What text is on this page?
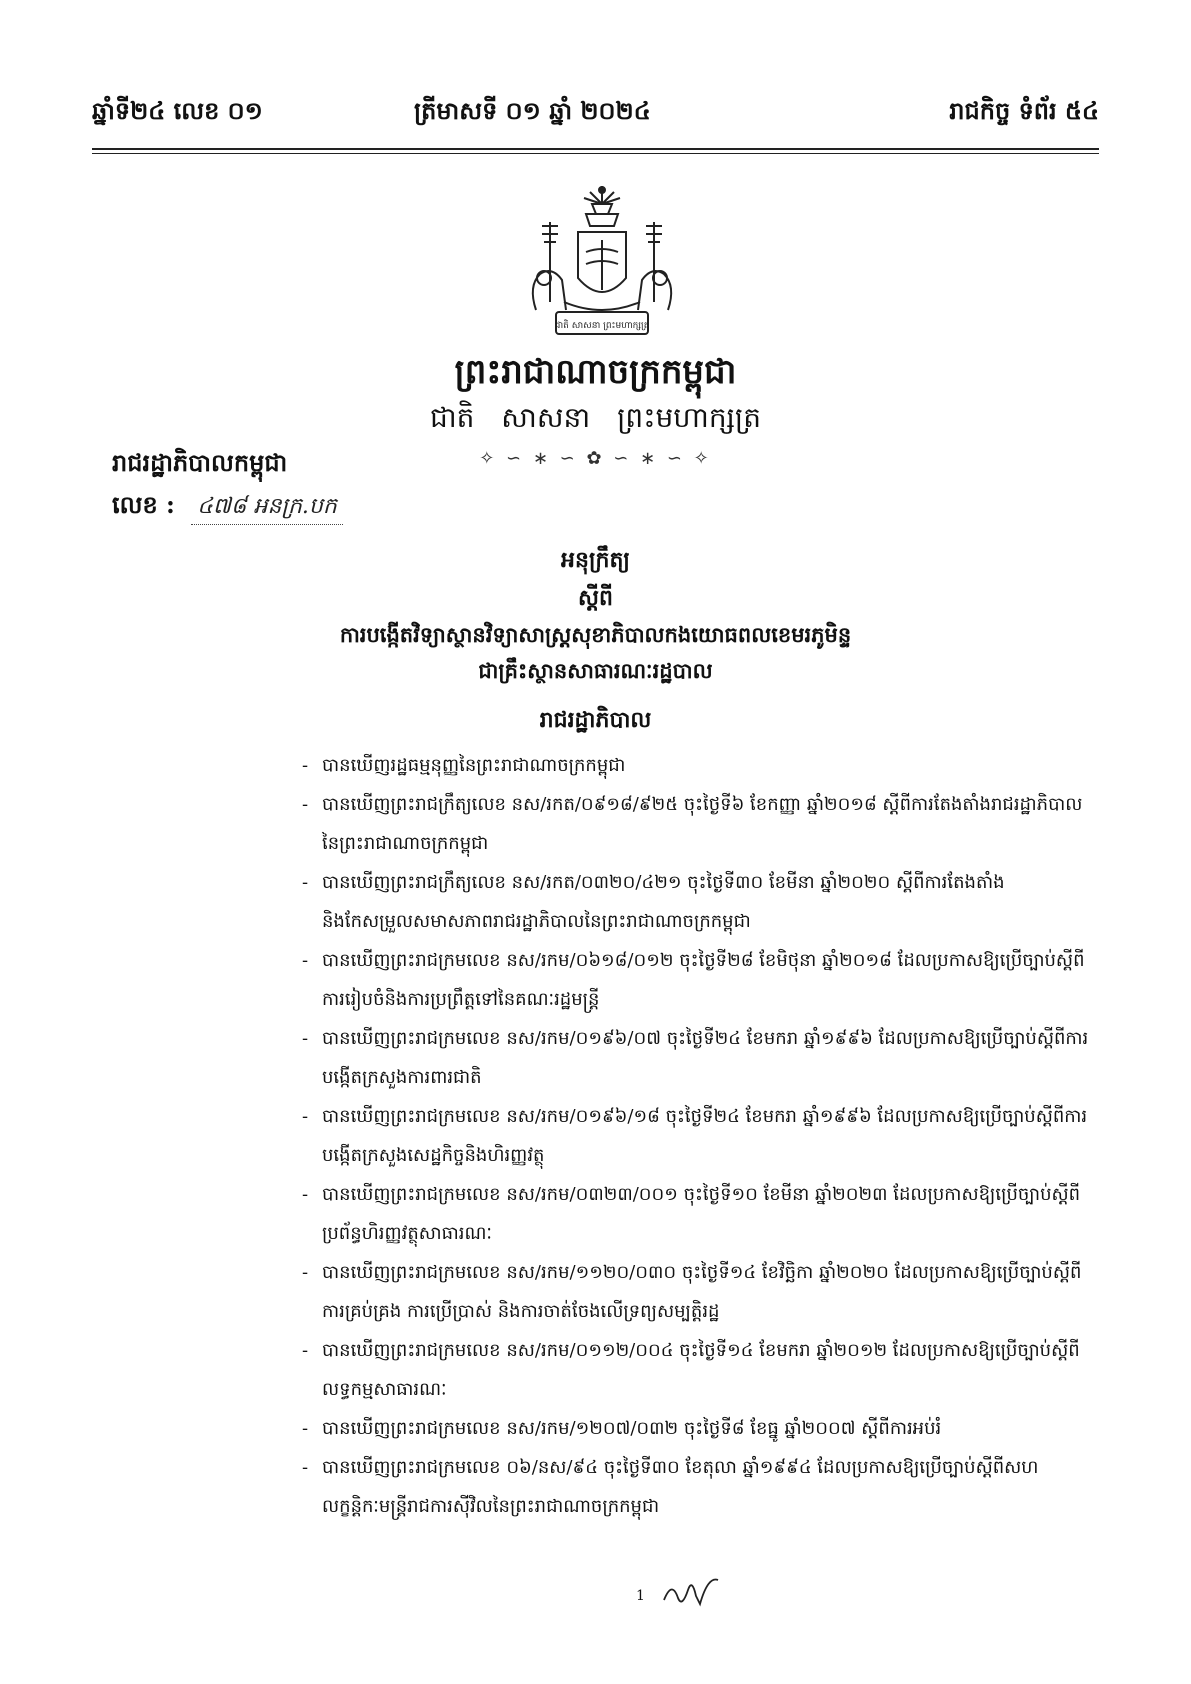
ឆ្នាំទី២៤ លេខ ០១	ត្រីមាសទី ០១ ឆ្នាំ ២០២៤	រាជកិច្ច ទំព័រ ៥៤
ជាតិ សាសនា ព្រះមហាក្សត្រ
ព្រះរាជាណាចក្រកម្ពុជា
ជាតិ សាសនា ព្រះមហាក្សត្រ
✧ ∽ ∗ ∽ ✿ ∽ ∗ ∽ ✧
រាជរដ្ឋាភិបាលកម្ពុជា
លេខ : ៤៧៨ អនក្រ.បក
អនុក្រឹត្យ
ស្តីពី
ការបង្កើតវិទ្យាស្ថានវិទ្យាសាស្ត្រសុខាភិបាលកងយោធពលខេមរភូមិន្ទ
ជាគ្រឹះស្ថានសាធារណៈរដ្ឋបាល
រាជរដ្ឋាភិបាល
- បានឃើញរដ្ឋធម្មនុញ្ញនៃព្រះរាជាណាចក្រកម្ពុជា
- បានឃើញព្រះរាជក្រឹត្យលេខ នស/រកត/០៩១៨/៩២៥ ចុះថ្ងៃទី៦ ខែកញ្ញា ឆ្នាំ២០១៨ ស្តីពីការតែងតាំងរាជរដ្ឋាភិបាលនៃព្រះរាជាណាចក្រកម្ពុជា
- បានឃើញព្រះរាជក្រឹត្យលេខ នស/រកត/០៣២០/៤២១ ចុះថ្ងៃទី៣០ ខែមីនា ឆ្នាំ២០២០ ស្តីពីការតែងតាំង និងកែសម្រួលសមាសភាពរាជរដ្ឋាភិបាលនៃព្រះរាជាណាចក្រកម្ពុជា
- បានឃើញព្រះរាជក្រមលេខ នស/រកម/០៦១៨/០១២ ចុះថ្ងៃទី២៨ ខែមិថុនា ឆ្នាំ២០១៨ ដែលប្រកាសឱ្យប្រើច្បាប់ស្តីពីការរៀបចំនិងការប្រព្រឹត្តទៅនៃគណៈរដ្ឋមន្ត្រី
- បានឃើញព្រះរាជក្រមលេខ នស/រកម/០១៩៦/០៧ ចុះថ្ងៃទី២៤ ខែមករា ឆ្នាំ១៩៩៦ ដែលប្រកាសឱ្យប្រើច្បាប់ស្តីពីការបង្កើតក្រសួងការពារជាតិ
- បានឃើញព្រះរាជក្រមលេខ នស/រកម/០១៩៦/១៨ ចុះថ្ងៃទី២៤ ខែមករា ឆ្នាំ១៩៩៦ ដែលប្រកាសឱ្យប្រើច្បាប់ស្តីពីការបង្កើតក្រសួងសេដ្ឋកិច្ចនិងហិរញ្ញវត្ថុ
- បានឃើញព្រះរាជក្រមលេខ នស/រកម/០៣២៣/០០១ ចុះថ្ងៃទី១០ ខែមីនា ឆ្នាំ២០២៣ ដែលប្រកាសឱ្យប្រើច្បាប់ស្តីពីប្រព័ន្ធហិរញ្ញវត្ថុសាធារណៈ
- បានឃើញព្រះរាជក្រមលេខ នស/រកម/១១២០/០៣០ ចុះថ្ងៃទី១៤ ខែវិច្ឆិកា ឆ្នាំ២០២០ ដែលប្រកាសឱ្យប្រើច្បាប់ស្តីពីការគ្រប់គ្រង ការប្រើប្រាស់ និងការចាត់ចែងលើទ្រព្យសម្បត្តិរដ្ឋ
- បានឃើញព្រះរាជក្រមលេខ នស/រកម/០១១២/០០៤ ចុះថ្ងៃទី១៤ ខែមករា ឆ្នាំ២០១២ ដែលប្រកាសឱ្យប្រើច្បាប់ស្តីពីលទ្ធកម្មសាធារណៈ
- បានឃើញព្រះរាជក្រមលេខ នស/រកម/១២០៧/០៣២ ចុះថ្ងៃទី៨ ខែធ្នូ ឆ្នាំ២០០៧ ស្តីពីការអប់រំ
- បានឃើញព្រះរាជក្រមលេខ ០៦/នស/៩៤ ចុះថ្ងៃទី៣០ ខែតុលា ឆ្នាំ១៩៩៤ ដែលប្រកាសឱ្យប្រើច្បាប់ស្តីពីសហលក្ខន្តិកៈមន្ត្រីរាជការស៊ីវិលនៃព្រះរាជាណាចក្រកម្ពុជា
1
